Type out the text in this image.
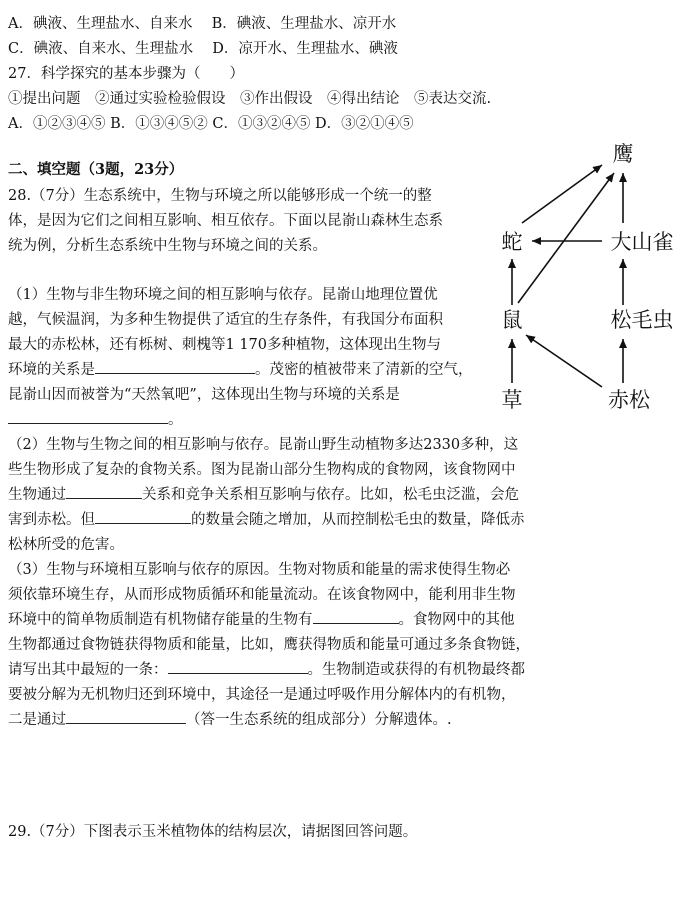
A．碘液、生理盐水、自来水 　B．碘液、生理盐水、凉开水
C．碘液、自来水、生理盐水 　D．凉开水、生理盐水、碘液
27．科学探究的基本步骤为（　　）
①提出问题　②通过实验检验假设　③作出假设　④得出结论　⑤表达交流.
A．①②③④⑤ B．①③④⑤② C．①③②④⑤ D．③②①④⑤
二、填空题（3题，23分）
28.（7分）生态系统中，生物与环境之所以能够形成一个统一的整
体，是因为它们之间相互影响、相互依存。下面以昆嵛山森林生态系
统为例，分析生态系统中生物与环境之间的关系。
（1）生物与非生物环境之间的相互影响与依存。昆嵛山地理位置优
越，气候温润，为多种生物提供了适宜的生存条件，有我国分布面积
最大的赤松林，还有栎树、刺槐等1 170多种植物，这体现出生物与
环境的关系是	。茂密的植被带来了清新的空气，
昆嵛山因而被誉为“天然氧吧”，这体现出生物与环境的关系是
。
（2）生物与生物之间的相互影响与依存。昆嵛山野生动植物多达2330多种，这
些生物形成了复杂的食物关系。图为昆嵛山部分生物构成的食物网，该食物网中
生物通过	关系和竞争关系相互影响与依存。比如，松毛虫泛滥，会危
害到赤松。但	的数量会随之增加，从而控制松毛虫的数量，降低赤
松林所受的危害。
（3）生物与环境相互影响与依存的原因。生物对物质和能量的需求使得生物必
须依靠环境生存，从而形成物质循环和能量流动。在该食物网中，能利用非生物
环境中的简单物质制造有机物储存能量的生物有	。食物网中的其他
生物都通过食物链获得物质和能量，比如，鹰获得物质和能量可通过多条食物链，
请写出其中最短的一条：	。生物制造或获得的有机物最终都
要被分解为无机物归还到环境中，其途径一是通过呼吸作用分解体内的有机物，
二是通过	（答一生态系统的组成部分）分解遗体。.
29.（7分）下图表示玉米植物体的结构层次，请据图回答问题。
鹰
蛇	大山雀
鼠	松毛虫
草	赤松
